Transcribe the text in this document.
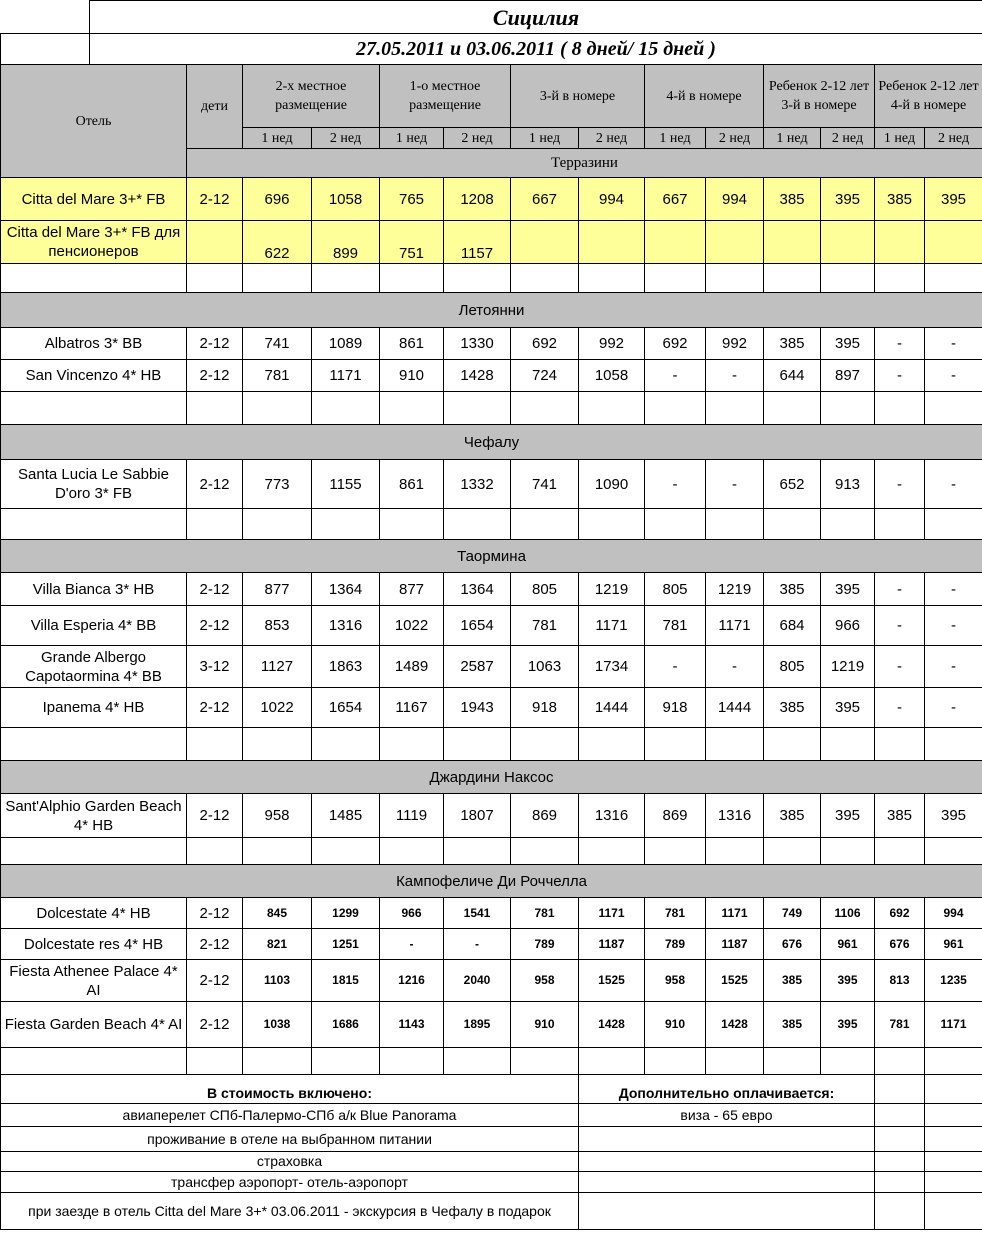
	Сицилия													
	27.05.2011 и 03.06.2011 ( 8 дней/ 15 дней )													
Отель		дети	2-х местное размещение		1-о местное размещение		3-й в номере		4-й в номере		Ребенок 2-12 лет 3-й в номере		Ребенок 2-12 лет 4-й в номере	
			1 нед	2 нед	1 нед	2 нед	1 нед	2 нед	1 нед	2 нед	1 нед	2 нед	1 нед	2 нед
		Терразини												
Citta del Mare 3+* FB		2-12	696	1058	765	1208	667	994	667	994	385	395	385	395
Citta del Mare 3+* FB для пенсионеров			622	899	751	1157								

Летоянни														
Albatros 3* BB		2-12	741	1089	861	1330	692	992	692	992	385	395	-	-
San Vincenzo 4* HB		2-12	781	1171	910	1428	724	1058	-	-	644	897	-	-

Чефалу														
Santa Lucia Le Sabbie D'oro 3* FB		2-12	773	1155	861	1332	741	1090	-	-	652	913	-	-

Таормина														
Villa Bianca 3* HB		2-12	877	1364	877	1364	805	1219	805	1219	385	395	-	-
Villa Esperia 4* BB		2-12	853	1316	1022	1654	781	1171	781	1171	684	966	-	-
Grande Albergo Capotaormina 4* BB		3-12	1127	1863	1489	2587	1063	1734	-	-	805	1219	-	-
Ipanema 4* HB		2-12	1022	1654	1167	1943	918	1444	918	1444	385	395	-	-

Джардини Наксос														
Sant'Alphio Garden Beach 4* HB		2-12	958	1485	1119	1807	869	1316	869	1316	385	395	385	395

Кампофеличе Ди Роччелла														
Dolcestate 4* HB		2-12	845	1299	966	1541	781	1171	781	1171	749	1106	692	994
Dolcestate res 4* HB		2-12	821	1251	-	-	789	1187	789	1187	676	961	676	961
Fiesta Athenee Palace 4* AI		2-12	1103	1815	1216	2040	958	1525	958	1525	385	395	813	1235
Fiesta Garden Beach 4* AI		2-12	1038	1686	1143	1895	910	1428	910	1428	385	395	781	1171

В стоимость включено:								Дополнительно оплачивается:						
авиаперелет СПб-Палермо-СПб а/к Blue Panorama								виза - 65 евро						
проживание в отеле на выбранном питании														
страховка														
трансфер аэропорт- отель-аэропорт														
при заезде в отель Citta del Mare 3+* 03.06.2011 - экскурсия в Чефалу в подарок														
